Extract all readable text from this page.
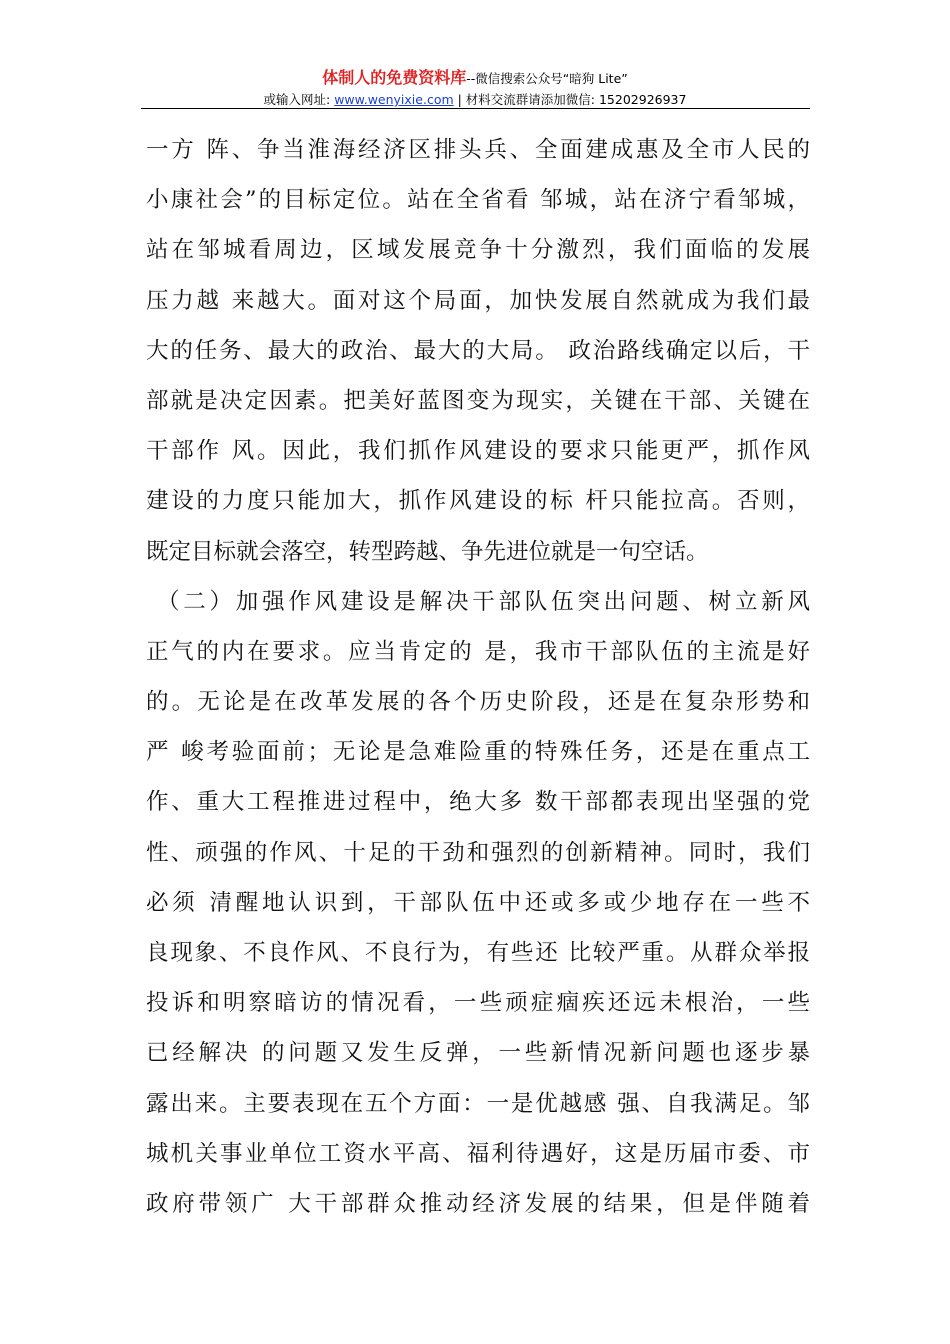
体制人的免费资料库--微信搜索公众号“暗狗 Lite”
或输入网址: www.wenyixie.com | 材料交流群请添加微信: 15202926937
一方 阵、争当淮海经济区排头兵、全面建成惠及全市人民的
小康社会”的目标定位。站在全省看 邹城，站在济宁看邹城，
站在邹城看周边，区域发展竞争十分激烈，我们面临的发展
压力越 来越大。面对这个局面，加快发展自然就成为我们最
大的任务、最大的政治、最大的大局。 政治路线确定以后，干
部就是决定因素。把美好蓝图变为现实，关键在干部、关键在
干部作 风。因此，我们抓作风建设的要求只能更严，抓作风
建设的力度只能加大，抓作风建设的标 杆只能拉高。否则，
既定目标就会落空，转型跨越、争先进位就是一句空话。
（二）加强作风建设是解决干部队伍突出问题、树立新风
正气的内在要求。应当肯定的 是，我市干部队伍的主流是好
的。无论是在改革发展的各个历史阶段，还是在复杂形势和
严 峻考验面前；无论是急难险重的特殊任务，还是在重点工
作、重大工程推进过程中，绝大多 数干部都表现出坚强的党
性、顽强的作风、十足的干劲和强烈的创新精神。同时，我们
必须 清醒地认识到，干部队伍中还或多或少地存在一些不
良现象、不良作风、不良行为，有些还 比较严重。从群众举报
投诉和明察暗访的情况看，一些顽症痼疾还远未根治，一些
已经解决 的问题又发生反弹，一些新情况新问题也逐步暴
露出来。主要表现在五个方面：一是优越感 强、自我满足。邹
城机关事业单位工资水平高、福利待遇好，这是历届市委、市
政府带领广 大干部群众推动经济发展的结果，但是伴随着
